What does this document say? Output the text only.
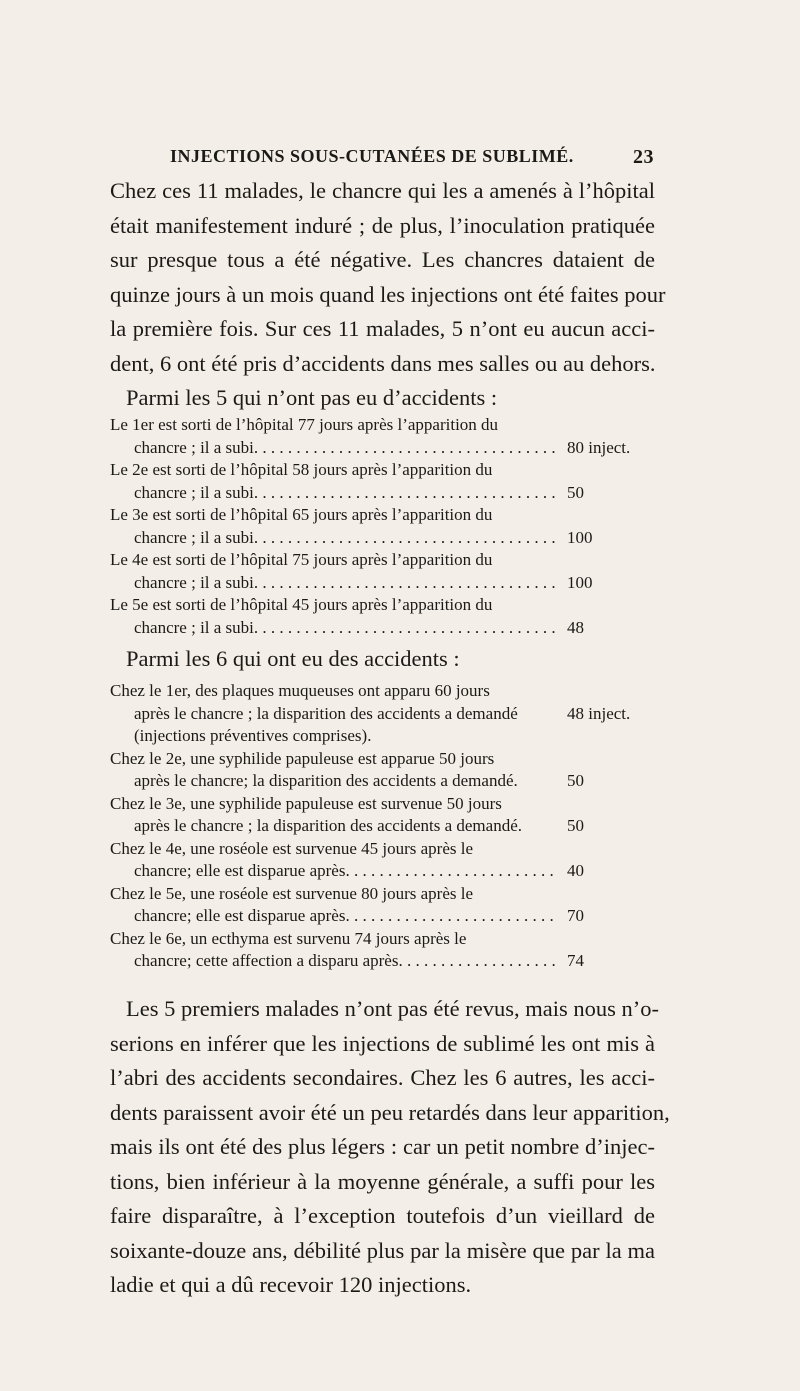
INJECTIONS SOUS-CUTANÉES DE SUBLIMÉ.	23
Chez ces 11 malades, le chancre qui les a amenés à l’hôpital
était manifestement induré ; de plus, l’inoculation pratiquée
sur presque tous a été négative. Les chancres dataient de
quinze jours à un mois quand les injections ont été faites pour
la première fois. Sur ces 11 malades, 5 n’ont eu aucun acci-
dent, 6 ont été pris d’accidents dans mes salles ou au dehors.
Parmi les 5 qui n’ont pas eu d’accidents :
Le 1er est sorti de l’hôpital 77 jours après l’apparition du
chancre ; il a subi . . .	80 inject.
Le 2e est sorti de l’hôpital 58 jours après l’apparition du
chancre ; il a subi . . .	50
Le 3e est sorti de l’hôpital 65 jours après l’apparition du
chancre ; il a subi . . .	100
Le 4e est sorti de l’hôpital 75 jours après l’apparition du
chancre ; il a subi . . .	100
Le 5e est sorti de l’hôpital 45 jours après l’apparition du
chancre ; il a subi . . .	48
Parmi les 6 qui ont eu des accidents :
Chez le 1er, des plaques muqueuses ont apparu 60 jours
après le chancre ; la disparition des accidents a demandé	48 inject.
(injections préventives comprises).
Chez le 2e, une syphilide papuleuse est apparue 50 jours
après le chancre; la disparition des accidents a demandé.	50
Chez le 3e, une syphilide papuleuse est survenue 50 jours
après le chancre ; la disparition des accidents a demandé.	50
Chez le 4e, une roséole est survenue 45 jours après le
chancre; elle est disparue après . . .	40
Chez le 5e, une roséole est survenue 80 jours après le
chancre; elle est disparue après . . .	70
Chez le 6e, un ecthyma est survenu 74 jours après le
chancre; cette affection a disparu après . . .	74
Les 5 premiers malades n’ont pas été revus, mais nous n’o-
serions en inférer que les injections de sublimé les ont mis à
l’abri des accidents secondaires. Chez les 6 autres, les acci-
dents paraissent avoir été un peu retardés dans leur apparition,
mais ils ont été des plus légers : car un petit nombre d’injec-
tions, bien inférieur à la moyenne générale, a suffi pour les
faire disparaître, à l’exception toutefois d’un vieillard de
soixante-douze ans, débilité plus par la misère que par la ma
ladie et qui a dû recevoir 120 injections.
